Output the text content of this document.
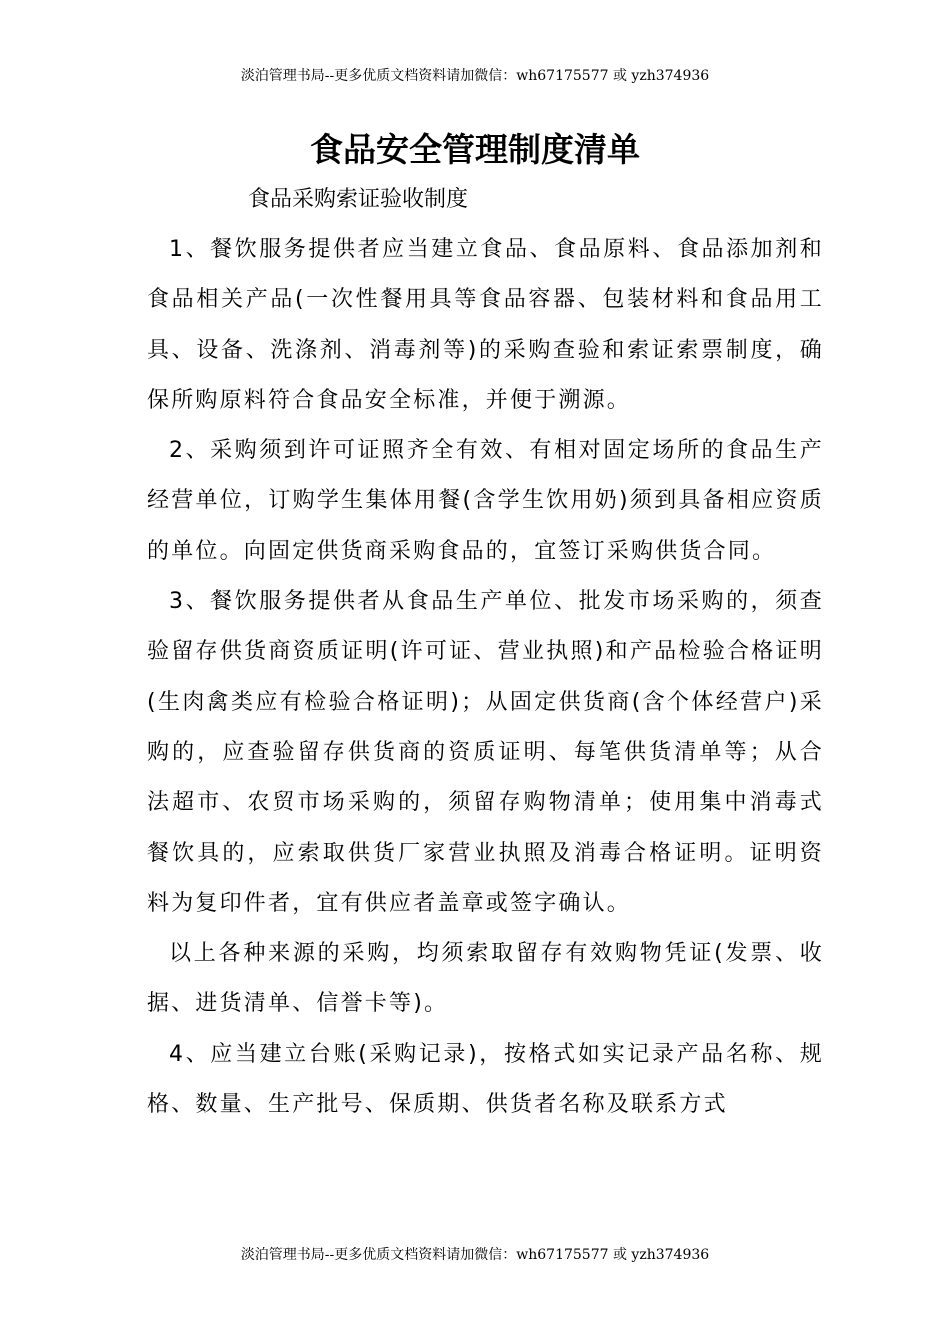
淡泊管理书局--更多优质文档资料请加微信：wh67175577 或 yzh374936
食品安全管理制度清单
食品采购索证验收制度

1、餐饮服务提供者应当建立食品、食品原料、食品添加剂和食品相关产品(一次性餐用具等食品容器、包装材料和食品用工具、设备、洗涤剂、消毒剂等)的采购查验和索证索票制度，确保所购原料符合食品安全标准，并便于溯源。

2、采购须到许可证照齐全有效、有相对固定场所的食品生产经营单位，订购学生集体用餐(含学生饮用奶)须到具备相应资质的单位。向固定供货商采购食品的，宜签订采购供货合同。

3、餐饮服务提供者从食品生产单位、批发市场采购的，须查验留存供货商资质证明(许可证、营业执照)和产品检验合格证明(生肉禽类应有检验合格证明)；从固定供货商(含个体经营户)采购的，应查验留存供货商的资质证明、每笔供货清单等；从合法超市、农贸市场采购的，须留存购物清单；使用集中消毒式餐饮具的，应索取供货厂家营业执照及消毒合格证明。证明资料为复印件者，宜有供应者盖章或签字确认。

以上各种来源的采购，均须索取留存有效购物凭证(发票、收据、进货清单、信誉卡等)。

4、应当建立台账(采购记录)，按格式如实记录产品名称、规格、数量、生产批号、保质期、供货者名称及联系方式

淡泊管理书局--更多优质文档资料请加微信：wh67175577 或 yzh374936
